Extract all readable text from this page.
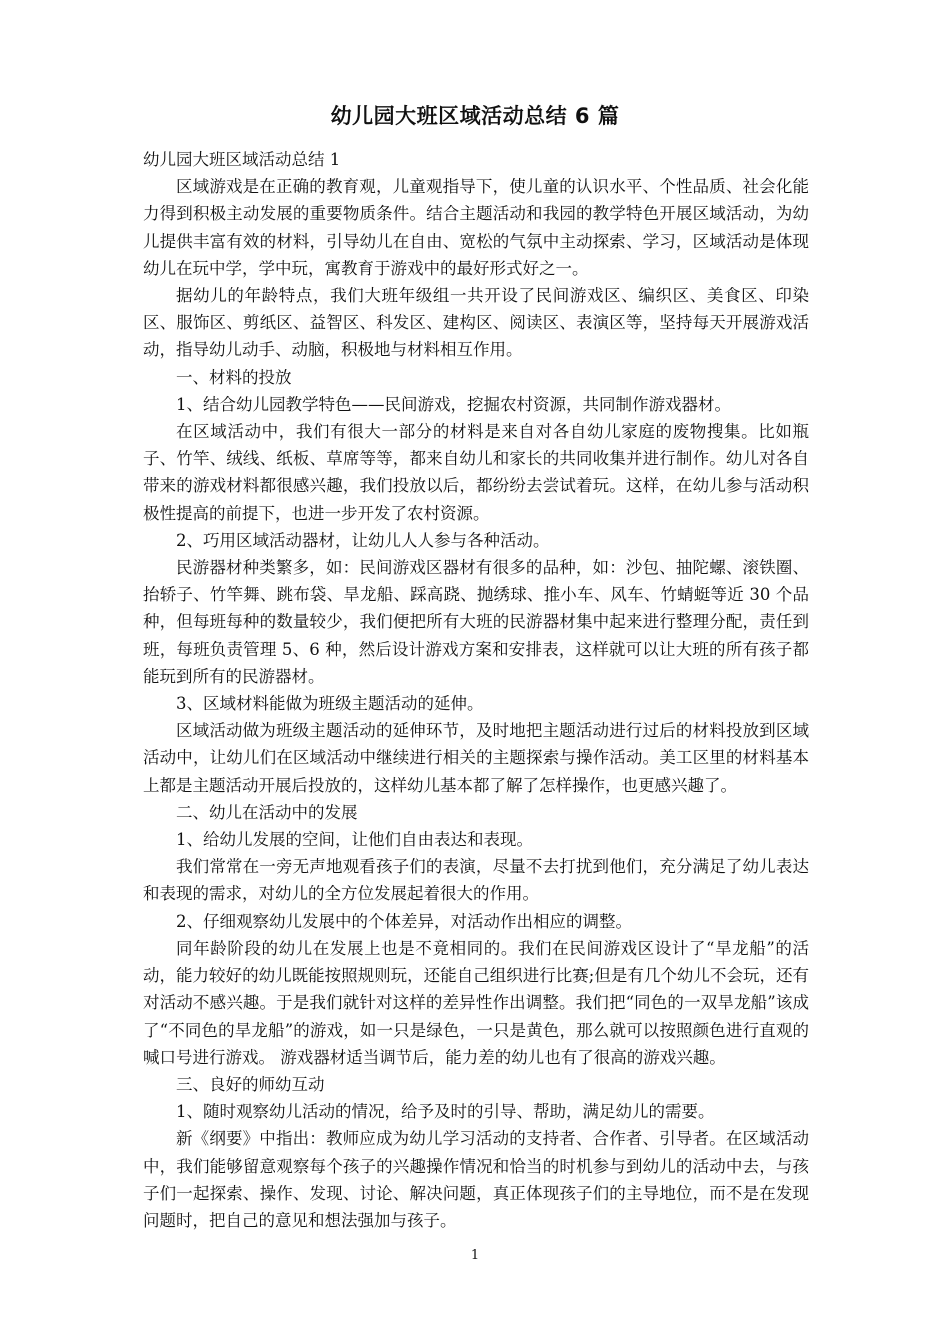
幼儿园大班区域活动总结 6 篇

幼儿园大班区域活动总结 1

区域游戏是在正确的教育观，儿童观指导下，使儿童的认识水平、个性品质、社会化能力得到积极主动发展的重要物质条件。结合主题活动和我园的教学特色开展区域活动，为幼儿提供丰富有效的材料，引导幼儿在自由、宽松的气氛中主动探索、学习，区域活动是体现幼儿在玩中学，学中玩，寓教育于游戏中的最好形式好之一。

据幼儿的年龄特点，我们大班年级组一共开设了民间游戏区、编织区、美食区、印染区、服饰区、剪纸区、益智区、科发区、建构区、阅读区、表演区等，坚持每天开展游戏活动，指导幼儿动手、动脑，积极地与材料相互作用。

一、材料的投放

1、结合幼儿园教学特色——民间游戏，挖掘农村资源，共同制作游戏器材。

在区域活动中，我们有很大一部分的材料是来自对各自幼儿家庭的废物搜集。比如瓶子、竹竿、绒线、纸板、草席等等，都来自幼儿和家长的共同收集并进行制作。幼儿对各自带来的游戏材料都很感兴趣，我们投放以后，都纷纷去尝试着玩。这样，在幼儿参与活动积极性提高的前提下，也进一步开发了农村资源。

2、巧用区域活动器材，让幼儿人人参与各种活动。

民游器材种类繁多，如：民间游戏区器材有很多的品种，如：沙包、抽陀螺、滚铁圈、抬轿子、竹竿舞、跳布袋、旱龙船、踩高跷、抛绣球、推小车、风车、竹蜻蜓等近 30 个品种，但每班每种的数量较少，我们便把所有大班的民游器材集中起来进行整理分配，责任到班，每班负责管理 5、6 种，然后设计游戏方案和安排表，这样就可以让大班的所有孩子都能玩到所有的民游器材。

3、区域材料能做为班级主题活动的延伸。

区域活动做为班级主题活动的延伸环节，及时地把主题活动进行过后的材料投放到区域活动中，让幼儿们在区域活动中继续进行相关的主题探索与操作活动。美工区里的材料基本上都是主题活动开展后投放的，这样幼儿基本都了解了怎样操作，也更感兴趣了。

二、幼儿在活动中的发展

1、给幼儿发展的空间，让他们自由表达和表现。

我们常常在一旁无声地观看孩子们的表演，尽量不去打扰到他们，充分满足了幼儿表达和表现的需求，对幼儿的全方位发展起着很大的作用。

2、仔细观察幼儿发展中的个体差异，对活动作出相应的调整。

同年龄阶段的幼儿在发展上也是不竟相同的。我们在民间游戏区设计了“旱龙船”的活动，能力较好的幼儿既能按照规则玩，还能自己组织进行比赛;但是有几个幼儿不会玩，还有对活动不感兴趣。于是我们就针对这样的差异性作出调整。我们把“同色的一双旱龙船”该成了“不同色的旱龙船”的游戏，如一只是绿色，一只是黄色，那么就可以按照颜色进行直观的喊口号进行游戏。 游戏器材适当调节后，能力差的幼儿也有了很高的游戏兴趣。

三、良好的师幼互动

1、随时观察幼儿活动的情况，给予及时的引导、帮助，满足幼儿的需要。

新《纲要》中指出：教师应成为幼儿学习活动的支持者、合作者、引导者。在区域活动中，我们能够留意观察每个孩子的兴趣操作情况和恰当的时机参与到幼儿的活动中去，与孩子们一起探索、操作、发现、讨论、解决问题，真正体现孩子们的主导地位，而不是在发现问题时，把自己的意见和想法强加与孩子。

1
